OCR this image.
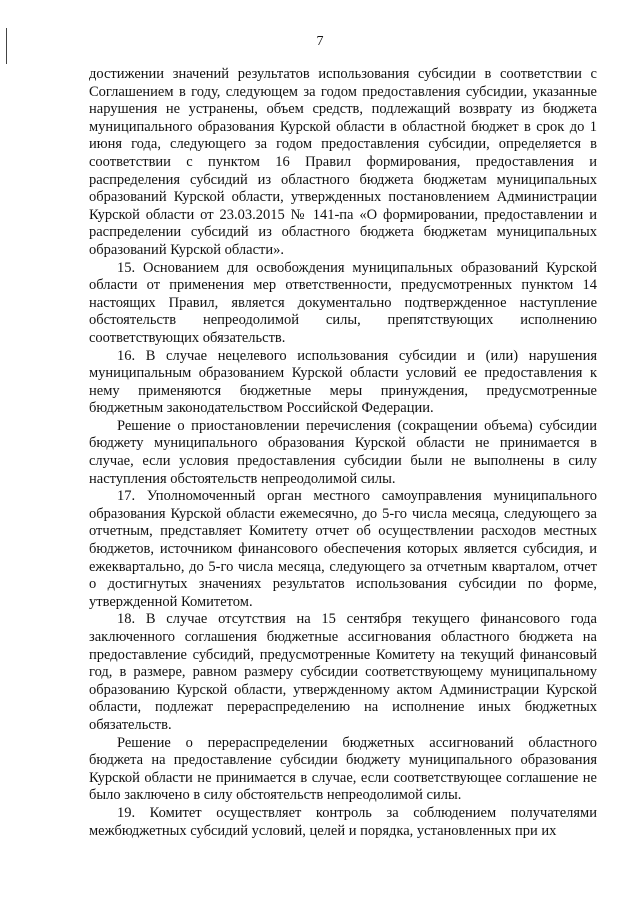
7

достижении значений результатов использования субсидии в соответствии с Соглашением в году, следующем за годом предоставления субсидии, указанные нарушения не устранены, объем средств, подлежащий возврату из бюджета муниципального образования Курской области в областной бюджет в срок до 1 июня года, следующего за годом предоставления субсидии, определяется в соответствии с пунктом 16 Правил формирования, предоставления и распределения субсидий из областного бюджета бюджетам муниципальных образований Курской области, утвержденных постановлением Администрации Курской области от 23.03.2015 № 141-па «О формировании, предоставлении и распределении субсидий из областного бюджета бюджетам муниципальных образований Курской области».

15. Основанием для освобождения муниципальных образований Курской области от применения мер ответственности, предусмотренных пунктом 14 настоящих Правил, является документально подтвержденное наступление обстоятельств непреодолимой силы, препятствующих исполнению соответствующих обязательств.

16. В случае нецелевого использования субсидии и (или) нарушения муниципальным образованием Курской области условий ее предоставления к нему применяются бюджетные меры принуждения, предусмотренные бюджетным законодательством Российской Федерации.

Решение о приостановлении перечисления (сокращении объема) субсидии бюджету муниципального образования Курской области не принимается в случае, если условия предоставления субсидии были не выполнены в силу наступления обстоятельств непреодолимой силы.

17. Уполномоченный орган местного самоуправления муниципального образования Курской области ежемесячно, до 5-го числа месяца, следующего за отчетным, представляет Комитету отчет об осуществлении расходов местных бюджетов, источником финансового обеспечения которых является субсидия, и ежеквартально, до 5-го числа месяца, следующего за отчетным кварталом, отчет о достигнутых значениях результатов использования субсидии по форме, утвержденной Комитетом.

18. В случае отсутствия на 15 сентября текущего финансового года заключенного соглашения бюджетные ассигнования областного бюджета на предоставление субсидий, предусмотренные Комитету на текущий финансовый год, в размере, равном размеру субсидии соответствующему муниципальному образованию Курской области, утвержденному актом Администрации Курской области, подлежат перераспределению на исполнение иных бюджетных обязательств.

Решение о перераспределении бюджетных ассигнований областного бюджета на предоставление субсидии бюджету муниципального образования Курской области не принимается в случае, если соответствующее соглашение не было заключено в силу обстоятельств непреодолимой силы.

19. Комитет осуществляет контроль за соблюдением получателями межбюджетных субсидий условий, целей и порядка, установленных при их
